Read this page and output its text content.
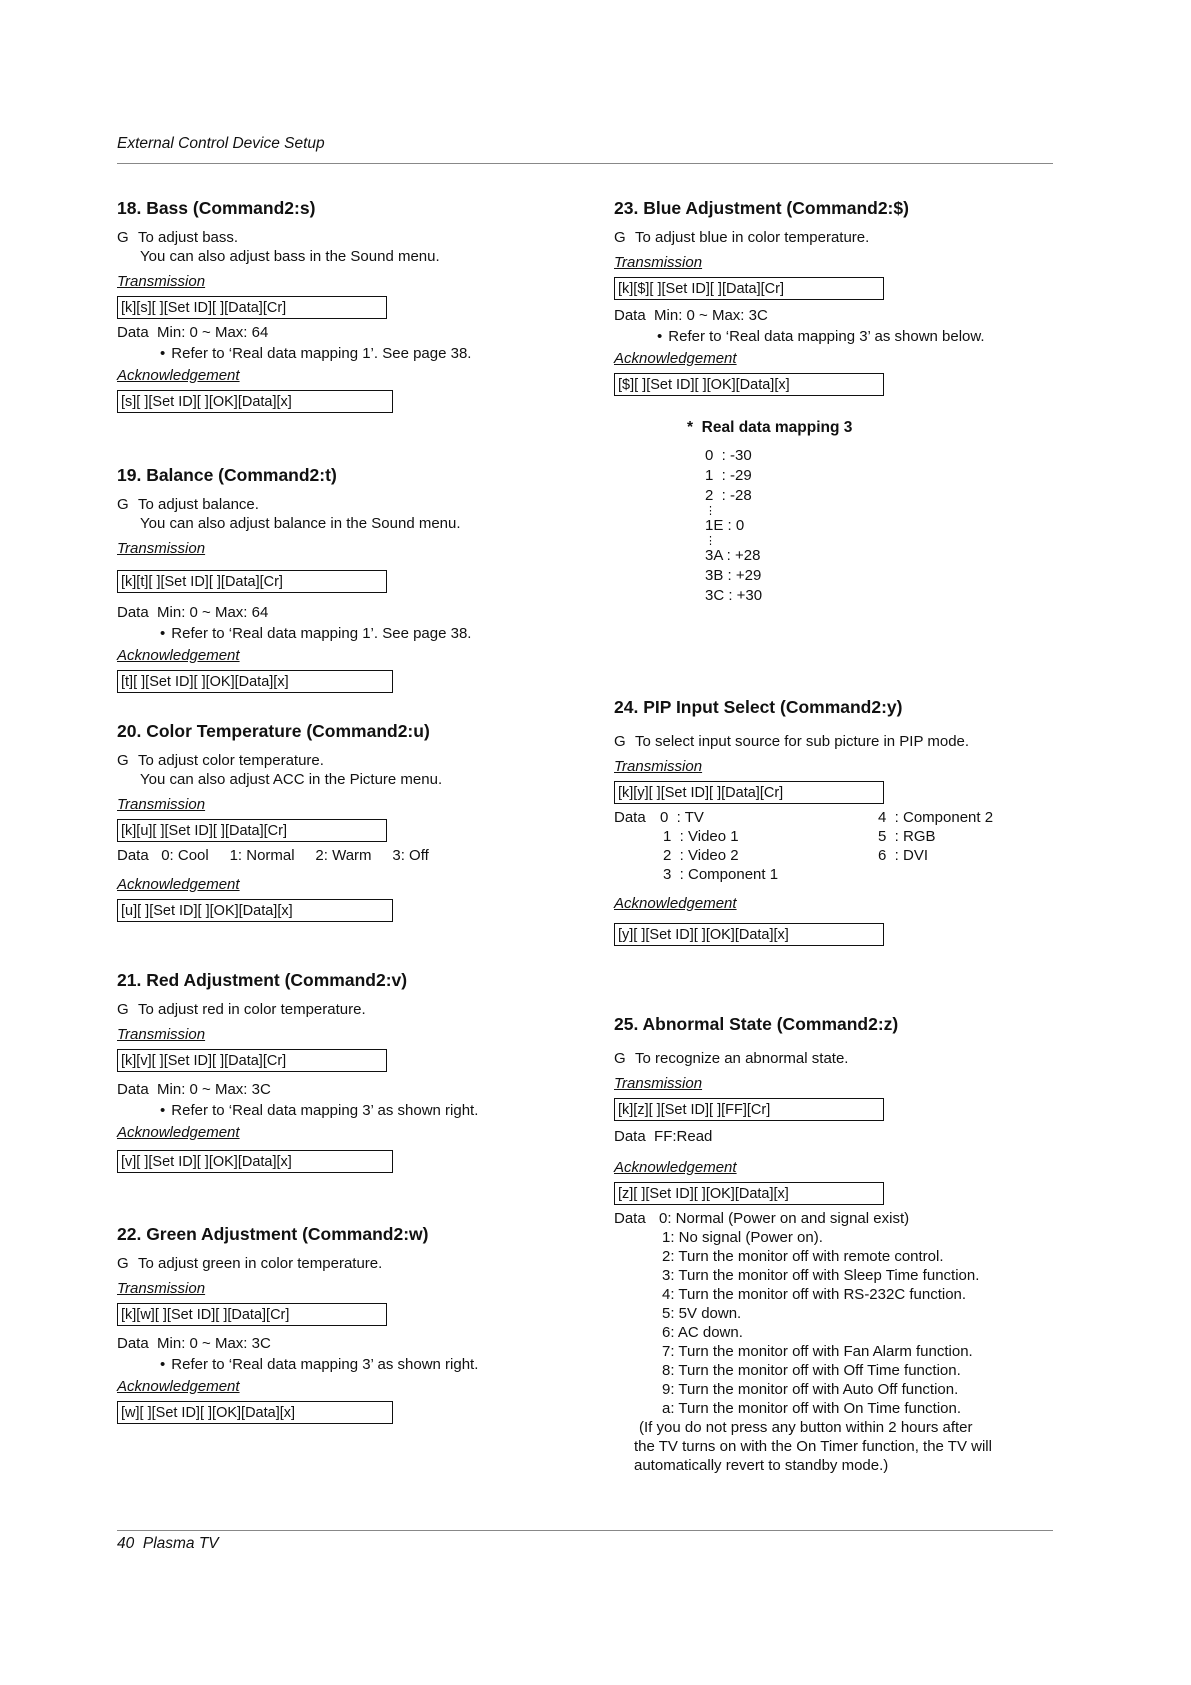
External Control Device Setup
18. Bass (Command2:s)
G To adjust bass.
You can also adjust bass in the Sound menu.
Transmission
[k][s][ ][Set ID][ ][Data][Cr]
Data Min: 0 ~ Max: 64
• Refer to ‘Real data mapping 1’. See page 38.
Acknowledgement
[s][ ][Set ID][ ][OK][Data][x]
19. Balance (Command2:t)
G To adjust balance.
You can also adjust balance in the Sound menu.
Transmission
[k][t][ ][Set ID][ ][Data][Cr]
Data Min: 0 ~ Max: 64
• Refer to ‘Real data mapping 1’. See page 38.
Acknowledgement
[t][ ][Set ID][ ][OK][Data][x]
20. Color Temperature (Command2:u)
G To adjust color temperature.
You can also adjust ACC in the Picture menu.
Transmission
[k][u][ ][Set ID][ ][Data][Cr]
Data 0: Cool     1: Normal     2: Warm     3: Off
Acknowledgement
[u][ ][Set ID][ ][OK][Data][x]
21. Red Adjustment (Command2:v)
G To adjust red in color temperature.
Transmission
[k][v][ ][Set ID][ ][Data][Cr]
Data Min: 0 ~ Max: 3C
• Refer to ‘Real data mapping 3’ as shown right.
Acknowledgement
[v][ ][Set ID][ ][OK][Data][x]
22. Green Adjustment (Command2:w)
G To adjust green in color temperature.
Transmission
[k][w][ ][Set ID][ ][Data][Cr]
Data Min: 0 ~ Max: 3C
• Refer to ‘Real data mapping 3’ as shown right.
Acknowledgement
[w][ ][Set ID][ ][OK][Data][x]
23. Blue Adjustment (Command2:$)
G To adjust blue in color temperature.
Transmission
[k][$][ ][Set ID][ ][Data][Cr]
Data Min: 0 ~ Max: 3C
• Refer to ‘Real data mapping 3’ as shown below.
Acknowledgement
[$][ ][Set ID][ ][OK][Data][x]
24. PIP Input Select (Command2:y)
G To select input source for sub picture in PIP mode.
Transmission
[k][y][ ][Set ID][ ][Data][Cr]
Data 0  : TV
1  : Video 1
2  : Video 2
3  : Component 1
4  : Component 2
5  : RGB
6  : DVI
Acknowledgement
[y][ ][Set ID][ ][OK][Data][x]
25. Abnormal State (Command2:z)
G To recognize an abnormal state.
Transmission
[k][z][ ][Set ID][ ][FF][Cr]
Data FF:Read
Acknowledgement
[z][ ][Set ID][ ][OK][Data][x]
Data 0: Normal (Power on and signal exist)
1: No signal (Power on).
2: Turn the monitor off with remote control.
3: Turn the monitor off with Sleep Time function.
4: Turn the monitor off with RS-232C function.
5: 5V down.
6: AC down.
7: Turn the monitor off with Fan Alarm function.
8: Turn the monitor off with Off Time function.
9: Turn the monitor off with Auto Off function.
a: Turn the monitor off with On Time function.
(If you do not press any button within 2 hours after
the TV turns on with the On Timer function, the TV will
automatically revert to standby mode.)
* Real data mapping 3
0  : -30
1  : -29
2  : -28
⋮
1E : 0
⋮
3A : +28
3B : +29
3C : +30
40  Plasma TV
